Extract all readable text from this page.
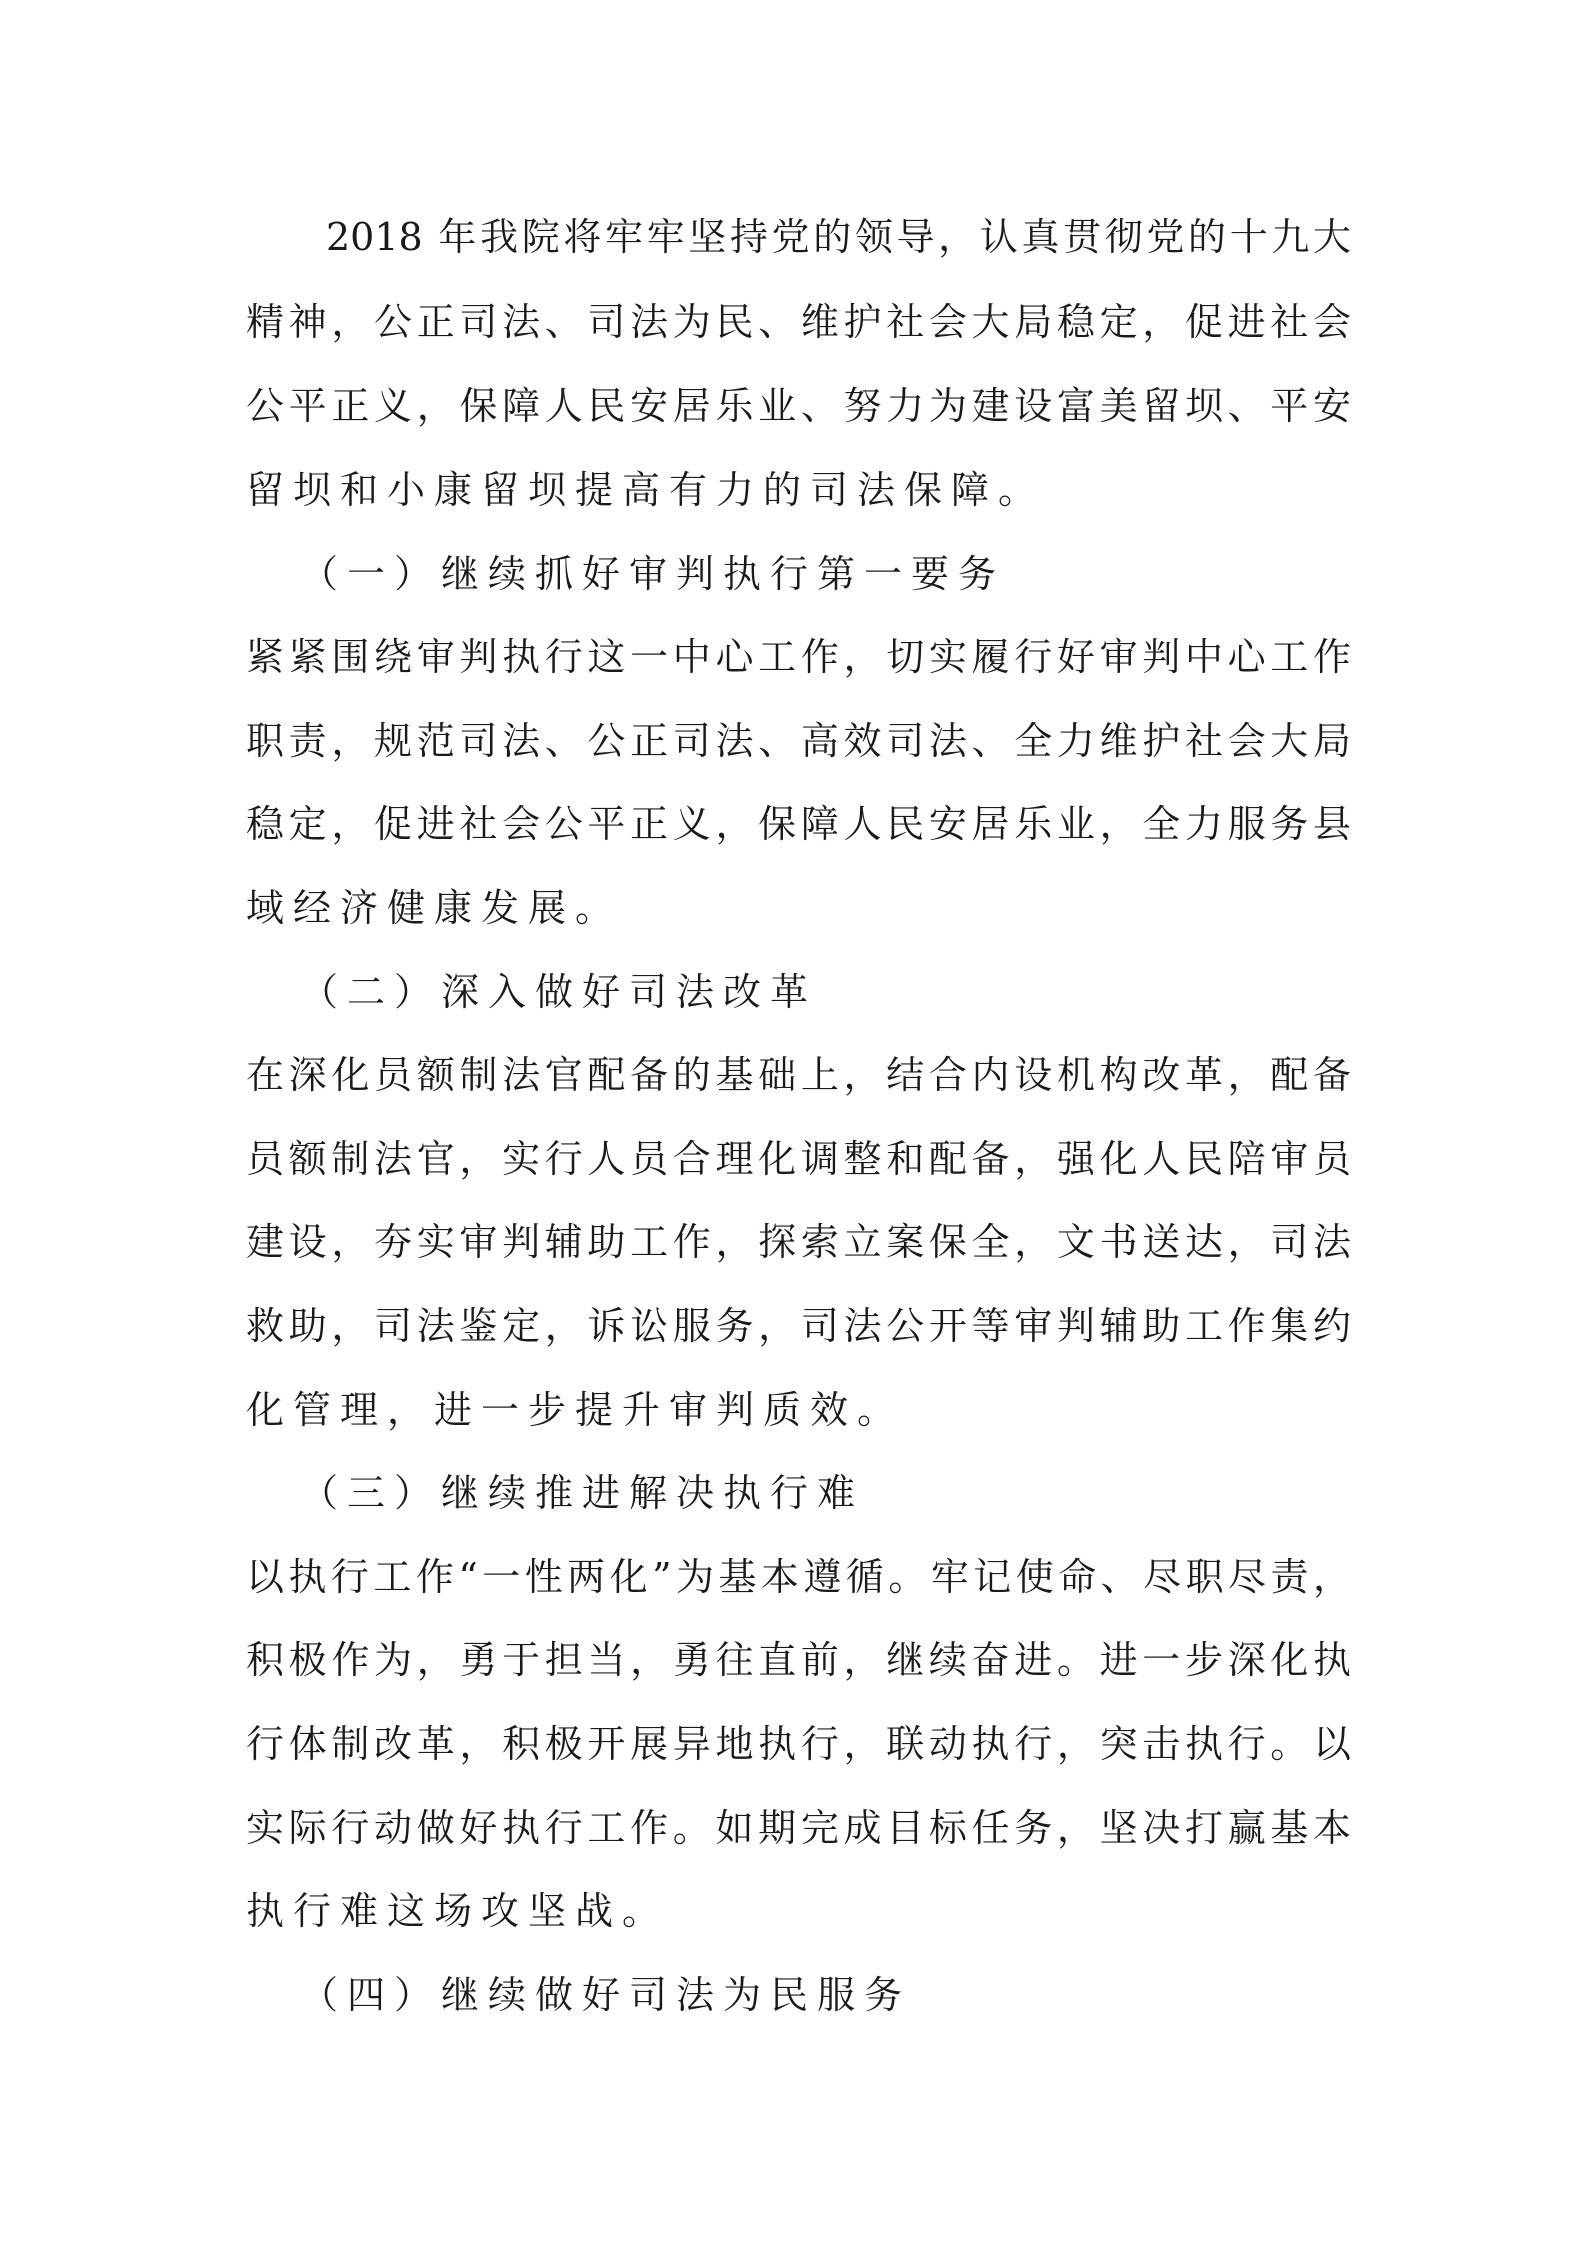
2018 年我院将牢牢坚持党的领导，认真贯彻党的十九大
精神，公正司法、司法为民、维护社会大局稳定，促进社会
公平正义，保障人民安居乐业、努力为建设富美留坝、平安
留坝和小康留坝提高有力的司法保障。
（一）继续抓好审判执行第一要务
紧紧围绕审判执行这一中心工作，切实履行好审判中心工作
职责，规范司法、公正司法、高效司法、全力维护社会大局
稳定，促进社会公平正义，保障人民安居乐业，全力服务县
域经济健康发展。
（二）深入做好司法改革
在深化员额制法官配备的基础上，结合内设机构改革，配备
员额制法官，实行人员合理化调整和配备，强化人民陪审员
建设，夯实审判辅助工作，探索立案保全，文书送达，司法
救助，司法鉴定，诉讼服务，司法公开等审判辅助工作集约
化管理，进一步提升审判质效。
（三）继续推进解决执行难
以执行工作“一性两化”为基本遵循。牢记使命、尽职尽责，
积极作为，勇于担当，勇往直前，继续奋进。进一步深化执
行体制改革，积极开展异地执行，联动执行，突击执行。以
实际行动做好执行工作。如期完成目标任务，坚决打赢基本
执行难这场攻坚战。
（四）继续做好司法为民服务
